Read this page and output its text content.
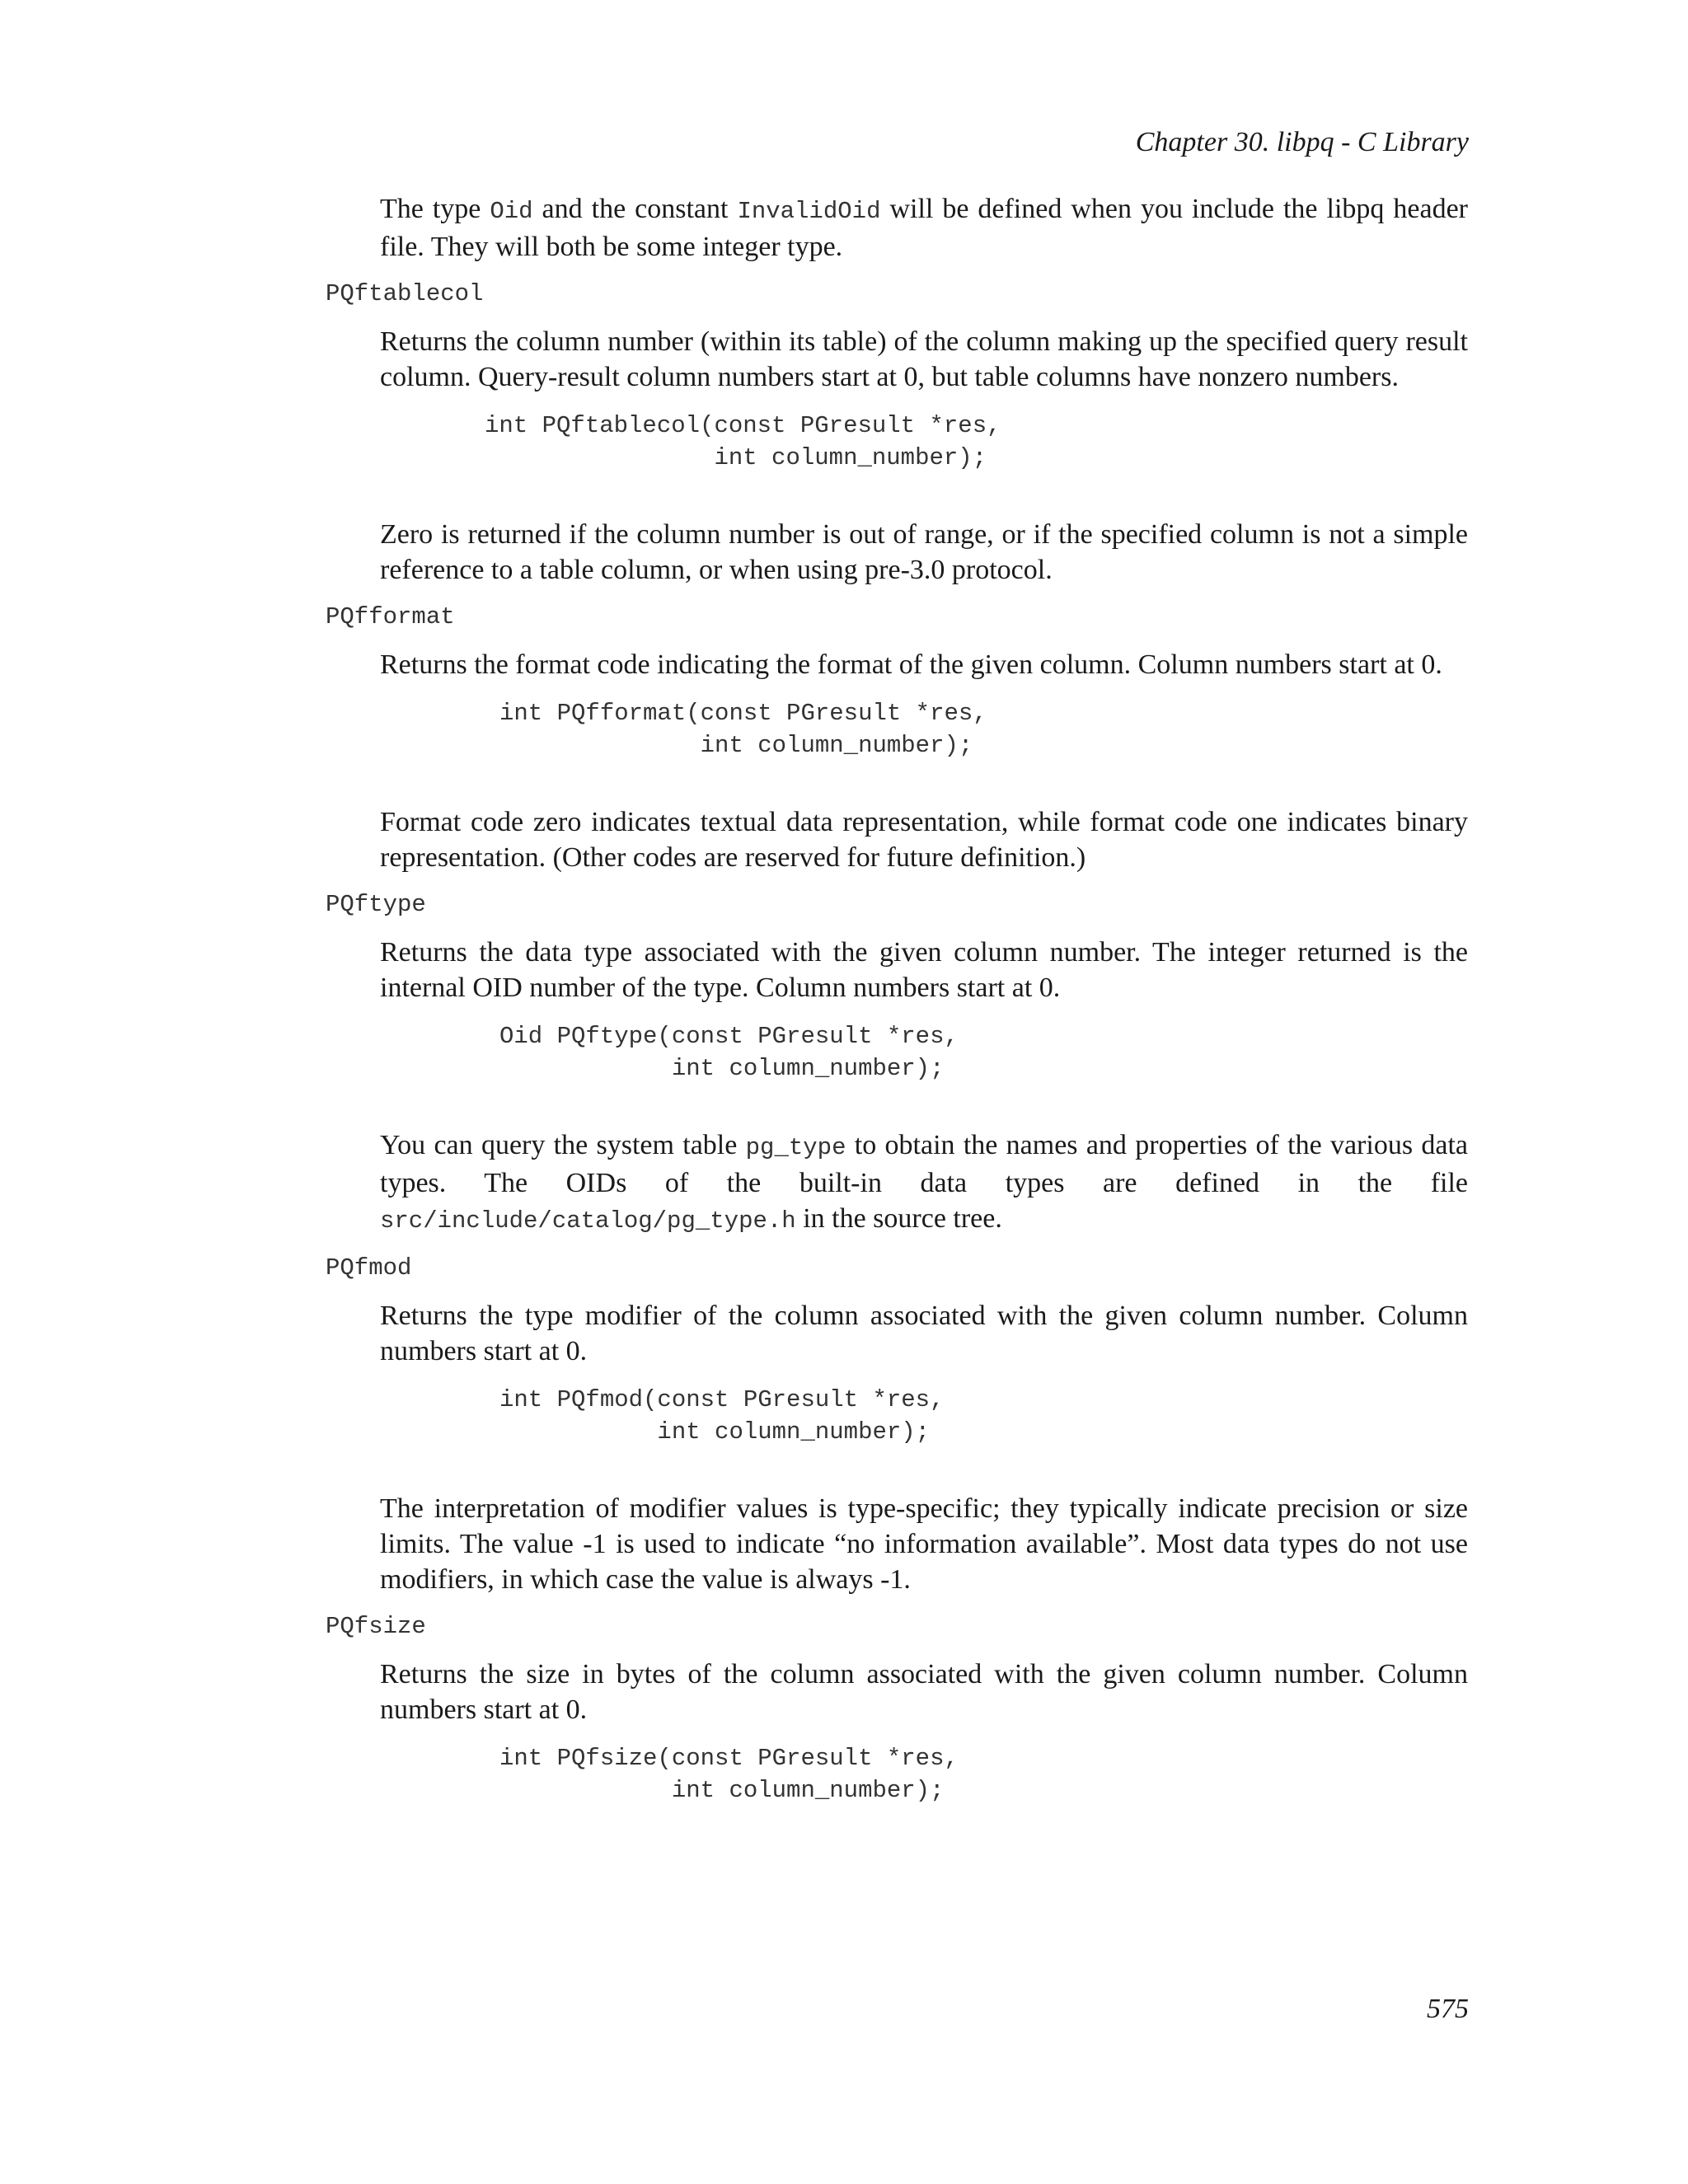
Chapter 30. libpq - C Library

The type Oid and the constant InvalidOid will be defined when you include the libpq header file. They will both be some integer type.

PQftablecol

Returns the column number (within its table) of the column making up the specified query result column. Query-result column numbers start at 0, but table columns have nonzero numbers.

int PQftablecol(const PGresult *res,
int column_number);

Zero is returned if the column number is out of range, or if the specified column is not a simple reference to a table column, or when using pre-3.0 protocol.

PQfformat

Returns the format code indicating the format of the given column. Column numbers start at 0.

int PQfformat(const PGresult *res,
int column_number);

Format code zero indicates textual data representation, while format code one indicates binary representation. (Other codes are reserved for future definition.)

PQftype

Returns the data type associated with the given column number. The integer returned is the internal OID number of the type. Column numbers start at 0.

Oid PQftype(const PGresult *res,
int column_number);

You can query the system table pg_type to obtain the names and properties of the various data types. The OIDs of the built-in data types are defined in the file src/include/catalog/pg_type.h in the source tree.

PQfmod

Returns the type modifier of the column associated with the given column number. Column numbers start at 0.

int PQfmod(const PGresult *res,
int column_number);

The interpretation of modifier values is type-specific; they typically indicate precision or size limits. The value -1 is used to indicate “no information available”. Most data types do not use modifiers, in which case the value is always -1.

PQfsize

Returns the size in bytes of the column associated with the given column number. Column numbers start at 0.

int PQfsize(const PGresult *res,
int column_number);
575
